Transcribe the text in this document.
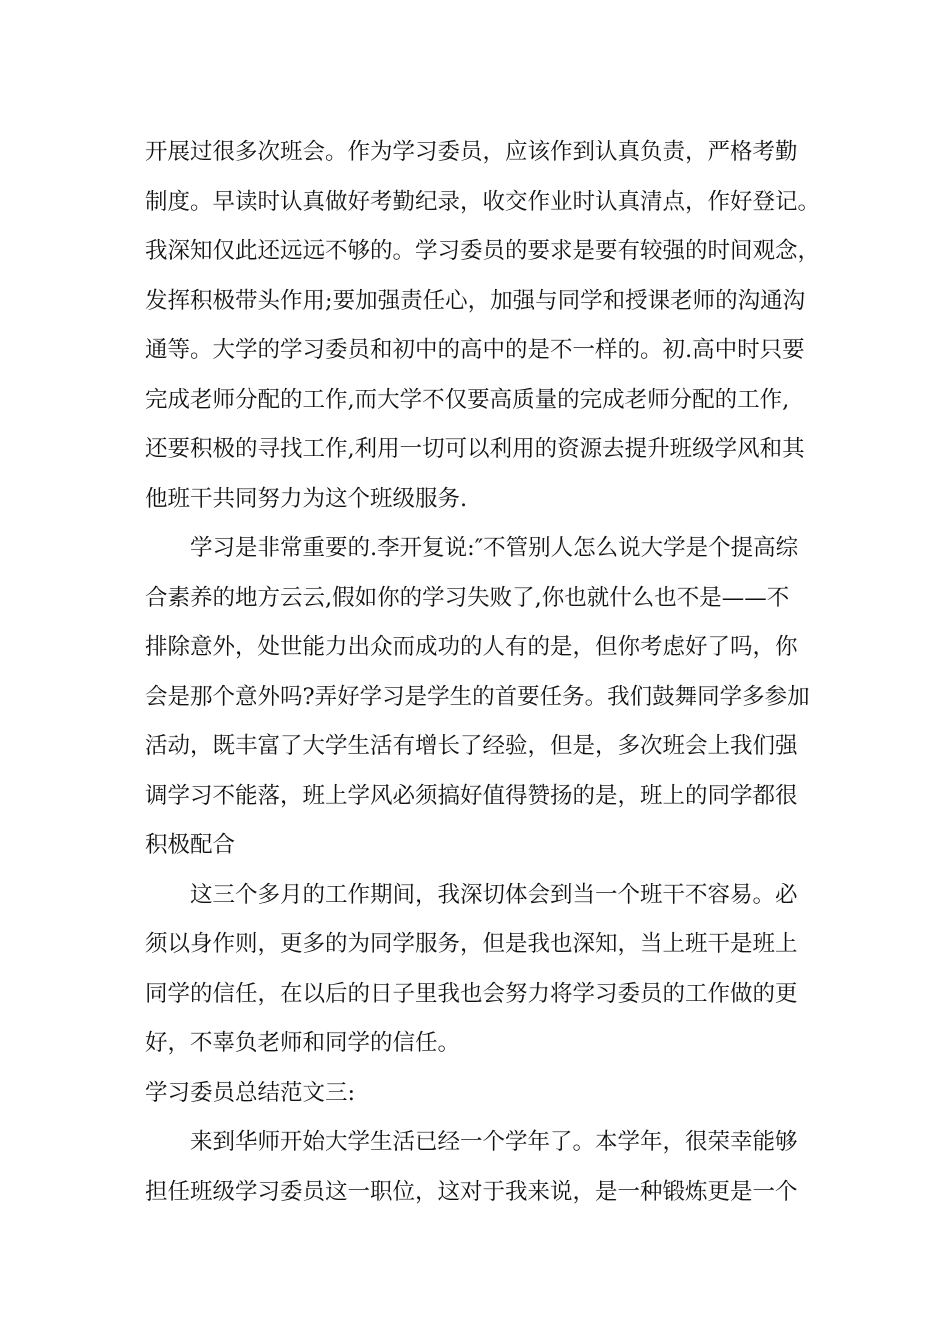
开展过很多次班会。作为学习委员，应该作到认真负责，严格考勤
制度。早读时认真做好考勤纪录，收交作业时认真清点，作好登记。
我深知仅此还远远不够的。学习委员的要求是要有较强的时间观念，
发挥积极带头作用;要加强责任心，加强与同学和授课老师的沟通沟
通等。大学的学习委员和初中的高中的是不一样的。初.高中时只要
完成老师分配的工作,而大学不仅要高质量的完成老师分配的工作,
还要积极的寻找工作,利用一切可以利用的资源去提升班级学风和其
他班干共同努力为这个班级服务.
学习是非常重要的.李开复说:″不管别人怎么说大学是个提高综
合素养的地方云云,假如你的学习失败了,你也就什么也不是——不
排除意外，处世能力出众而成功的人有的是，但你考虑好了吗，你
会是那个意外吗?弄好学习是学生的首要任务。我们鼓舞同学多参加
活动，既丰富了大学生活有增长了经验，但是，多次班会上我们强
调学习不能落，班上学风必须搞好值得赞扬的是，班上的同学都很
积极配合
这三个多月的工作期间，我深切体会到当一个班干不容易。必
须以身作则，更多的为同学服务，但是我也深知，当上班干是班上
同学的信任，在以后的日子里我也会努力将学习委员的工作做的更
好，不辜负老师和同学的信任。
学习委员总结范文三:
来到华师开始大学生活已经一个学年了。本学年，很荣幸能够
担任班级学习委员这一职位，这对于我来说，是一种锻炼更是一个
